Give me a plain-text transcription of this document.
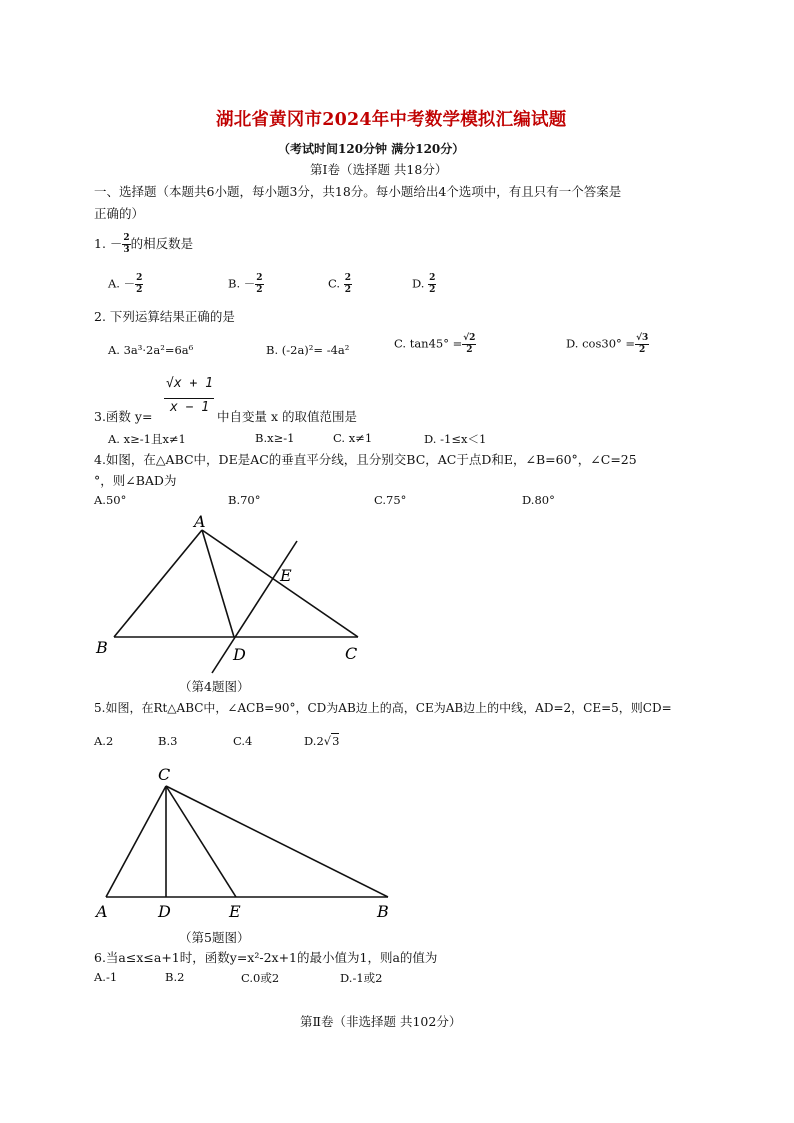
湖北省黄冈市2024年中考数学模拟汇编试题
（考试时间120分钟 满分120分）
第Ⅰ卷（选择题 共18分）
一、选择题（本题共6小题，每小题3分，共18分。每小题给出4个选项中，有且只有一个答案是
正确的）
1. － $\frac{2}{3}$ 的相反数是
A. － $\frac{2}{2}$	B. － $\frac{2}{2}$	C. $\frac{2}{2}$	D. $\frac{2}{2}$
2. 下列运算结果正确的是
A. 3a³·2a²=6a⁶	B. (-2a)²= -4a²	C. $\tan 45^\circ = \frac{√2}{2}$	D. $\cos 30^\circ = \frac{√3}{2}$
√x + 1
x − 1
3.函数 y=	中自变量 x 的取值范围是
A. x≥-1且x≠1	B.x≥-1	C. x≠1	D. -1≤x＜1
4.如图，在△ABC中，DE是AC的垂直平分线，且分别交BC，AC于点D和E，∠B=60°，∠C=25
°，则∠BAD为
A.50°	B.70°	C.75°	D.80°
A
B	C
D
E
（第4题图）
5.如图，在Rt△ABC中，∠ACB=90°，CD为AB边上的高，CE为AB边上的中线，AD=2，CE=5，则CD=
A.2	B.3	C.4	D.2√3
C
A	D	E	B
（第5题图）
6.当a≤x≤a+1时，函数y=x²-2x+1的最小值为1，则a的值为
A.-1	B.2	C.0或2	D.-1或2
第Ⅱ卷（非选择题 共102分）
